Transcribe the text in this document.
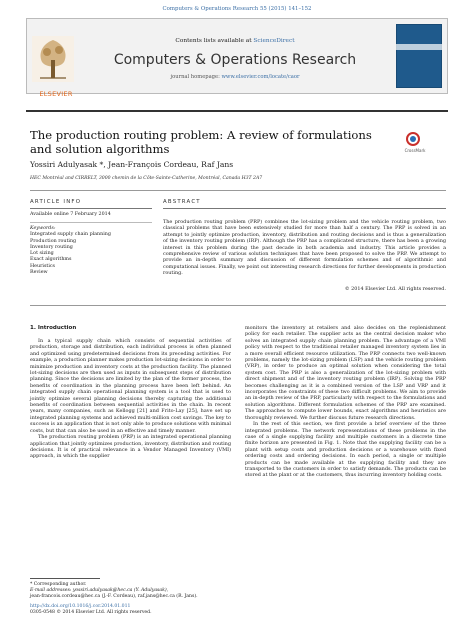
Computers & Operations Research 55 (2015) 141–152
ELSEVIER
Contents lists available at ScienceDirect
Computers & Operations Research
journal homepage: www.elsevier.com/locate/caor
The production routing problem: A review of formulations and solution algorithms	CrossMark
Yossiri Adulyasak *, Jean-François Cordeau, Raf Jans
HEC Montréal and CIRRELT, 3000 chemin de la Côte-Sainte-Catherine, Montréal, Canada H3T 2A7
ARTICLE INFO
Available online 7 February 2014
Keywords:
Integrated supply chain planning
Production routing
Inventory routing
Lot sizing
Exact algorithms
Heuristics
Review
ABSTRACT
The production routing problem (PRP) combines the lot-sizing problem and the vehicle routing problem, two classical problems that have been extensively studied for more than half a century. The PRP is solved in an attempt to jointly optimize production, inventory, distribution and routing decisions and is thus a generalization of the inventory routing problem (IRP). Although the PRP has a complicated structure, there has been a growing interest in this problem during the past decade in both academia and industry. This article provides a comprehensive review of various solution techniques that have been proposed to solve the PRP. We attempt to provide an in-depth summary and discussion of different formulation schemes and of algorithmic and computational issues. Finally, we point out interesting research directions for further developments in production routing.
© 2014 Elsevier Ltd. All rights reserved.
1. Introduction

In a typical supply chain which consists of sequential activities of production, storage and distribution, each individual process is often planned and optimized using predetermined decisions from its preceding activities. For example, a production planner makes production lot-sizing decisions in order to minimize production and inventory costs at the production facility. The planned lot-sizing decisions are then used as inputs in subsequent steps of distribution planning. Since the decisions are limited by the plan of the former process, the benefits of coordination in the planning process have been left behind. An integrated supply chain operational planning system is a tool that is used to jointly optimize several planning decisions thereby capturing the additional benefits of coordination between sequential activities in the chain. In recent years, many companies, such as Kellogg [21] and Frito-Lay [25], have set up integrated planning systems and achieved multi-million cost savings. The key to success is an application that is not only able to produce solutions with minimal costs, but that can also be used in an effective and timely manner.

The production routing problem (PRP) is an integrated operational planning application that jointly optimizes production, inventory, distribution and routing decisions. It is of practical relevance in a Vendor Managed Inventory (VMI) approach, in which the supplier

monitors the inventory at retailers and also decides on the replenishment policy for each retailer. The supplier acts as the central decision maker who solves an integrated supply chain planning problem. The advantage of a VMI policy with respect to the traditional retailer managed inventory system lies in a more overall efficient resource utilization. The PRP connects two well-known problems, namely the lot-sizing problem (LSP) and the vehicle routing problem (VRP), in order to produce an optimal solution when considering the total system cost. The PRP is also a generalization of the lot-sizing problem with direct shipment and of the inventory routing problem (IRP). Solving the PRP becomes challenging as it is a combined version of the LSP and VRP and it incorporates the constraints of these two difficult problems. We aim to provide an in-depth review of the PRP, particularly with respect to the formulations and solution algorithms. Different formulation schemes of the PRP are examined. The approaches to compute lower bounds, exact algorithms and heuristics are thoroughly reviewed. We further discuss future research directions.

In the rest of this section, we first provide a brief overview of the three integrated problems. The network representations of these problems in the case of a single supplying facility and multiple customers in a discrete time finite horizon are presented in Fig. 1. Note that the supplying facility can be a plant with setup costs and production decisions or a warehouse with fixed ordering costs and ordering decisions. In each period, a single or multiple products can be made available at the supplying facility and they are transported to the customers in order to satisfy demands. The products can be stored at the plant or at the customers, thus incurring inventory holding costs.

* Corresponding author.
E-mail addresses: yossiri.adulyasak@hec.ca (Y. Adulyasak),
jean-francois.cordeau@hec.ca (J.-F. Cordeau), raf.jans@hec.ca (R. Jans).
http://dx.doi.org/10.1016/j.cor.2014.01.011
0305-0548 © 2014 Elsevier Ltd. All rights reserved.
